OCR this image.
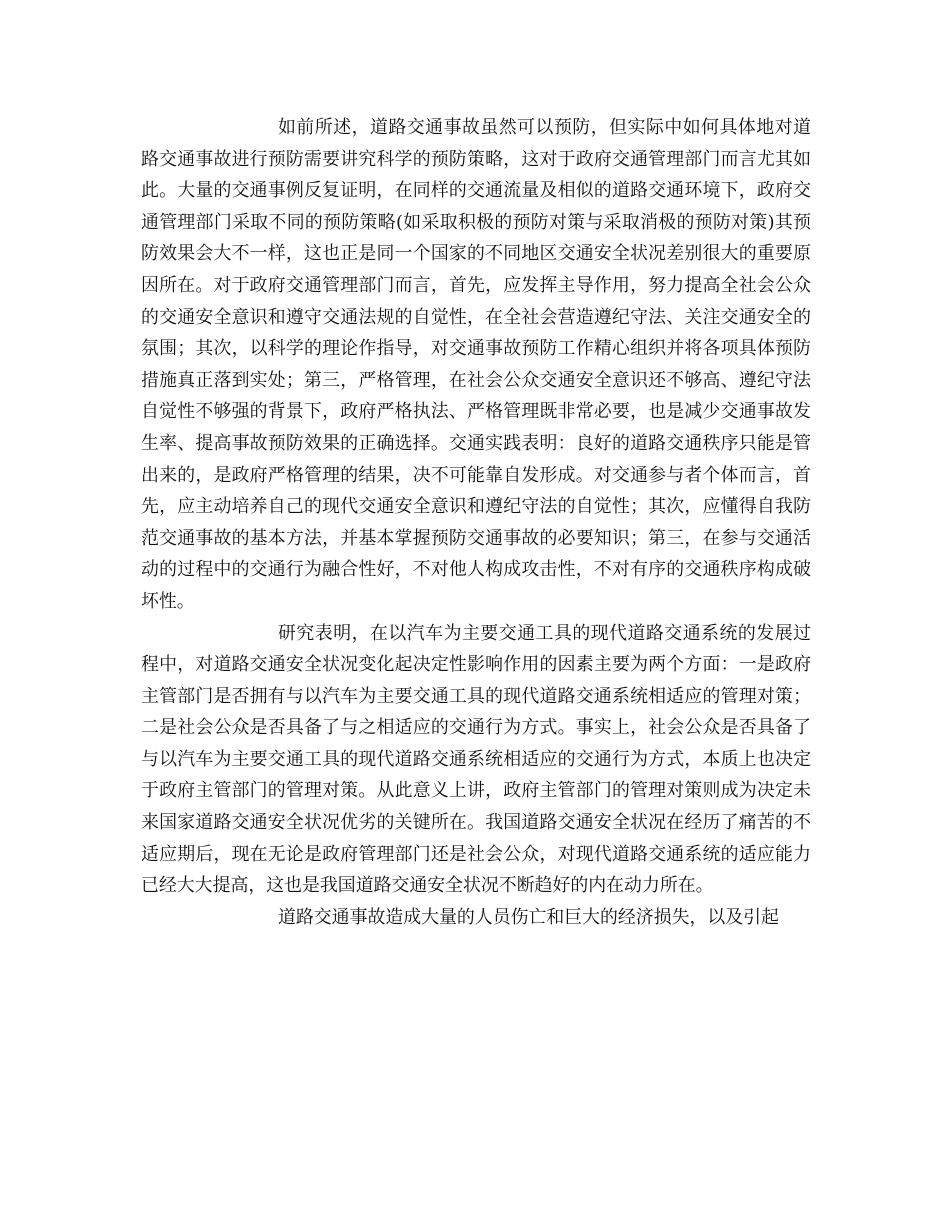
如前所述，道路交通事故虽然可以预防，但实际中如何具体地对道路交通事故进行预防需要讲究科学的预防策略，这对于政府交通管理部门而言尤其如此。大量的交通事例反复证明，在同样的交通流量及相似的道路交通环境下，政府交通管理部门采取不同的预防策略(如采取积极的预防对策与采取消极的预防对策)其预防效果会大不一样，这也正是同一个国家的不同地区交通安全状况差别很大的重要原因所在。对于政府交通管理部门而言，首先，应发挥主导作用，努力提高全社会公众的交通安全意识和遵守交通法规的自觉性，在全社会营造遵纪守法、关注交通安全的氛围；其次，以科学的理论作指导，对交通事故预防工作精心组织并将各项具体预防措施真正落到实处；第三，严格管理，在社会公众交通安全意识还不够高、遵纪守法自觉性不够强的背景下，政府严格执法、严格管理既非常必要，也是减少交通事故发生率、提高事故预防效果的正确选择。交通实践表明：良好的道路交通秩序只能是管出来的，是政府严格管理的结果，决不可能靠自发形成。对交通参与者个体而言，首先，应主动培养自己的现代交通安全意识和遵纪守法的自觉性；其次，应懂得自我防范交通事故的基本方法，并基本掌握预防交通事故的必要知识；第三，在参与交通活动的过程中的交通行为融合性好，不对他人构成攻击性，不对有序的交通秩序构成破坏性。

研究表明，在以汽车为主要交通工具的现代道路交通系统的发展过程中，对道路交通安全状况变化起决定性影响作用的因素主要为两个方面：一是政府主管部门是否拥有与以汽车为主要交通工具的现代道路交通系统相适应的管理对策；二是社会公众是否具备了与之相适应的交通行为方式。事实上，社会公众是否具备了与以汽车为主要交通工具的现代道路交通系统相适应的交通行为方式，本质上也决定于政府主管部门的管理对策。从此意义上讲，政府主管部门的管理对策则成为决定未来国家道路交通安全状况优劣的关键所在。我国道路交通安全状况在经历了痛苦的不适应期后，现在无论是政府管理部门还是社会公众，对现代道路交通系统的适应能力已经大大提高，这也是我国道路交通安全状况不断趋好的内在动力所在。

道路交通事故造成大量的人员伤亡和巨大的经济损失，以及引起
